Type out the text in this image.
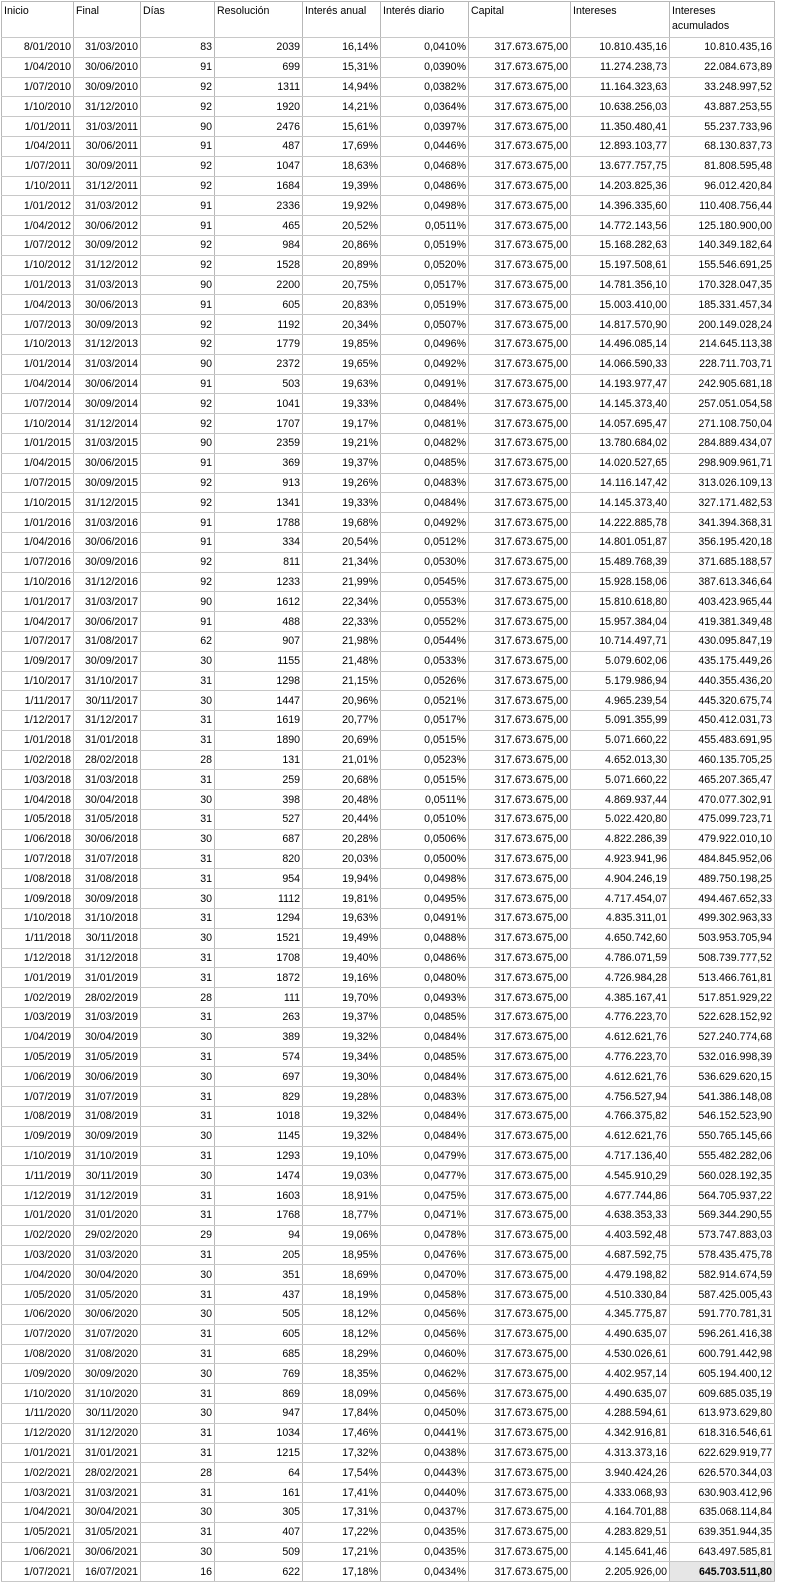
Inicio	Final	Días	Resolución	Interés anual	Interés diario	Capital	Intereses	Intereses acumulados
8/01/2010	31/03/2010	83	2039	16,14%	0,0410%	317.673.675,00	10.810.435,16	10.810.435,16
1/04/2010	30/06/2010	91	699	15,31%	0,0390%	317.673.675,00	11.274.238,73	22.084.673,89
1/07/2010	30/09/2010	92	1311	14,94%	0,0382%	317.673.675,00	11.164.323,63	33.248.997,52
1/10/2010	31/12/2010	92	1920	14,21%	0,0364%	317.673.675,00	10.638.256,03	43.887.253,55
1/01/2011	31/03/2011	90	2476	15,61%	0,0397%	317.673.675,00	11.350.480,41	55.237.733,96
1/04/2011	30/06/2011	91	487	17,69%	0,0446%	317.673.675,00	12.893.103,77	68.130.837,73
1/07/2011	30/09/2011	92	1047	18,63%	0,0468%	317.673.675,00	13.677.757,75	81.808.595,48
1/10/2011	31/12/2011	92	1684	19,39%	0,0486%	317.673.675,00	14.203.825,36	96.012.420,84
1/01/2012	31/03/2012	91	2336	19,92%	0,0498%	317.673.675,00	14.396.335,60	110.408.756,44
1/04/2012	30/06/2012	91	465	20,52%	0,0511%	317.673.675,00	14.772.143,56	125.180.900,00
1/07/2012	30/09/2012	92	984	20,86%	0,0519%	317.673.675,00	15.168.282,63	140.349.182,64
1/10/2012	31/12/2012	92	1528	20,89%	0,0520%	317.673.675,00	15.197.508,61	155.546.691,25
1/01/2013	31/03/2013	90	2200	20,75%	0,0517%	317.673.675,00	14.781.356,10	170.328.047,35
1/04/2013	30/06/2013	91	605	20,83%	0,0519%	317.673.675,00	15.003.410,00	185.331.457,34
1/07/2013	30/09/2013	92	1192	20,34%	0,0507%	317.673.675,00	14.817.570,90	200.149.028,24
1/10/2013	31/12/2013	92	1779	19,85%	0,0496%	317.673.675,00	14.496.085,14	214.645.113,38
1/01/2014	31/03/2014	90	2372	19,65%	0,0492%	317.673.675,00	14.066.590,33	228.711.703,71
1/04/2014	30/06/2014	91	503	19,63%	0,0491%	317.673.675,00	14.193.977,47	242.905.681,18
1/07/2014	30/09/2014	92	1041	19,33%	0,0484%	317.673.675,00	14.145.373,40	257.051.054,58
1/10/2014	31/12/2014	92	1707	19,17%	0,0481%	317.673.675,00	14.057.695,47	271.108.750,04
1/01/2015	31/03/2015	90	2359	19,21%	0,0482%	317.673.675,00	13.780.684,02	284.889.434,07
1/04/2015	30/06/2015	91	369	19,37%	0,0485%	317.673.675,00	14.020.527,65	298.909.961,71
1/07/2015	30/09/2015	92	913	19,26%	0,0483%	317.673.675,00	14.116.147,42	313.026.109,13
1/10/2015	31/12/2015	92	1341	19,33%	0,0484%	317.673.675,00	14.145.373,40	327.171.482,53
1/01/2016	31/03/2016	91	1788	19,68%	0,0492%	317.673.675,00	14.222.885,78	341.394.368,31
1/04/2016	30/06/2016	91	334	20,54%	0,0512%	317.673.675,00	14.801.051,87	356.195.420,18
1/07/2016	30/09/2016	92	811	21,34%	0,0530%	317.673.675,00	15.489.768,39	371.685.188,57
1/10/2016	31/12/2016	92	1233	21,99%	0,0545%	317.673.675,00	15.928.158,06	387.613.346,64
1/01/2017	31/03/2017	90	1612	22,34%	0,0553%	317.673.675,00	15.810.618,80	403.423.965,44
1/04/2017	30/06/2017	91	488	22,33%	0,0552%	317.673.675,00	15.957.384,04	419.381.349,48
1/07/2017	31/08/2017	62	907	21,98%	0,0544%	317.673.675,00	10.714.497,71	430.095.847,19
1/09/2017	30/09/2017	30	1155	21,48%	0,0533%	317.673.675,00	5.079.602,06	435.175.449,26
1/10/2017	31/10/2017	31	1298	21,15%	0,0526%	317.673.675,00	5.179.986,94	440.355.436,20
1/11/2017	30/11/2017	30	1447	20,96%	0,0521%	317.673.675,00	4.965.239,54	445.320.675,74
1/12/2017	31/12/2017	31	1619	20,77%	0,0517%	317.673.675,00	5.091.355,99	450.412.031,73
1/01/2018	31/01/2018	31	1890	20,69%	0,0515%	317.673.675,00	5.071.660,22	455.483.691,95
1/02/2018	28/02/2018	28	131	21,01%	0,0523%	317.673.675,00	4.652.013,30	460.135.705,25
1/03/2018	31/03/2018	31	259	20,68%	0,0515%	317.673.675,00	5.071.660,22	465.207.365,47
1/04/2018	30/04/2018	30	398	20,48%	0,0511%	317.673.675,00	4.869.937,44	470.077.302,91
1/05/2018	31/05/2018	31	527	20,44%	0,0510%	317.673.675,00	5.022.420,80	475.099.723,71
1/06/2018	30/06/2018	30	687	20,28%	0,0506%	317.673.675,00	4.822.286,39	479.922.010,10
1/07/2018	31/07/2018	31	820	20,03%	0,0500%	317.673.675,00	4.923.941,96	484.845.952,06
1/08/2018	31/08/2018	31	954	19,94%	0,0498%	317.673.675,00	4.904.246,19	489.750.198,25
1/09/2018	30/09/2018	30	1112	19,81%	0,0495%	317.673.675,00	4.717.454,07	494.467.652,33
1/10/2018	31/10/2018	31	1294	19,63%	0,0491%	317.673.675,00	4.835.311,01	499.302.963,33
1/11/2018	30/11/2018	30	1521	19,49%	0,0488%	317.673.675,00	4.650.742,60	503.953.705,94
1/12/2018	31/12/2018	31	1708	19,40%	0,0486%	317.673.675,00	4.786.071,59	508.739.777,52
1/01/2019	31/01/2019	31	1872	19,16%	0,0480%	317.673.675,00	4.726.984,28	513.466.761,81
1/02/2019	28/02/2019	28	111	19,70%	0,0493%	317.673.675,00	4.385.167,41	517.851.929,22
1/03/2019	31/03/2019	31	263	19,37%	0,0485%	317.673.675,00	4.776.223,70	522.628.152,92
1/04/2019	30/04/2019	30	389	19,32%	0,0484%	317.673.675,00	4.612.621,76	527.240.774,68
1/05/2019	31/05/2019	31	574	19,34%	0,0485%	317.673.675,00	4.776.223,70	532.016.998,39
1/06/2019	30/06/2019	30	697	19,30%	0,0484%	317.673.675,00	4.612.621,76	536.629.620,15
1/07/2019	31/07/2019	31	829	19,28%	0,0483%	317.673.675,00	4.756.527,94	541.386.148,08
1/08/2019	31/08/2019	31	1018	19,32%	0,0484%	317.673.675,00	4.766.375,82	546.152.523,90
1/09/2019	30/09/2019	30	1145	19,32%	0,0484%	317.673.675,00	4.612.621,76	550.765.145,66
1/10/2019	31/10/2019	31	1293	19,10%	0,0479%	317.673.675,00	4.717.136,40	555.482.282,06
1/11/2019	30/11/2019	30	1474	19,03%	0,0477%	317.673.675,00	4.545.910,29	560.028.192,35
1/12/2019	31/12/2019	31	1603	18,91%	0,0475%	317.673.675,00	4.677.744,86	564.705.937,22
1/01/2020	31/01/2020	31	1768	18,77%	0,0471%	317.673.675,00	4.638.353,33	569.344.290,55
1/02/2020	29/02/2020	29	94	19,06%	0,0478%	317.673.675,00	4.403.592,48	573.747.883,03
1/03/2020	31/03/2020	31	205	18,95%	0,0476%	317.673.675,00	4.687.592,75	578.435.475,78
1/04/2020	30/04/2020	30	351	18,69%	0,0470%	317.673.675,00	4.479.198,82	582.914.674,59
1/05/2020	31/05/2020	31	437	18,19%	0,0458%	317.673.675,00	4.510.330,84	587.425.005,43
1/06/2020	30/06/2020	30	505	18,12%	0,0456%	317.673.675,00	4.345.775,87	591.770.781,31
1/07/2020	31/07/2020	31	605	18,12%	0,0456%	317.673.675,00	4.490.635,07	596.261.416,38
1/08/2020	31/08/2020	31	685	18,29%	0,0460%	317.673.675,00	4.530.026,61	600.791.442,98
1/09/2020	30/09/2020	30	769	18,35%	0,0462%	317.673.675,00	4.402.957,14	605.194.400,12
1/10/2020	31/10/2020	31	869	18,09%	0,0456%	317.673.675,00	4.490.635,07	609.685.035,19
1/11/2020	30/11/2020	30	947	17,84%	0,0450%	317.673.675,00	4.288.594,61	613.973.629,80
1/12/2020	31/12/2020	31	1034	17,46%	0,0441%	317.673.675,00	4.342.916,81	618.316.546,61
1/01/2021	31/01/2021	31	1215	17,32%	0,0438%	317.673.675,00	4.313.373,16	622.629.919,77
1/02/2021	28/02/2021	28	64	17,54%	0,0443%	317.673.675,00	3.940.424,26	626.570.344,03
1/03/2021	31/03/2021	31	161	17,41%	0,0440%	317.673.675,00	4.333.068,93	630.903.412,96
1/04/2021	30/04/2021	30	305	17,31%	0,0437%	317.673.675,00	4.164.701,88	635.068.114,84
1/05/2021	31/05/2021	31	407	17,22%	0,0435%	317.673.675,00	4.283.829,51	639.351.944,35
1/06/2021	30/06/2021	30	509	17,21%	0,0435%	317.673.675,00	4.145.641,46	643.497.585,81
1/07/2021	16/07/2021	16	622	17,18%	0,0434%	317.673.675,00	2.205.926,00	645.703.511,80
